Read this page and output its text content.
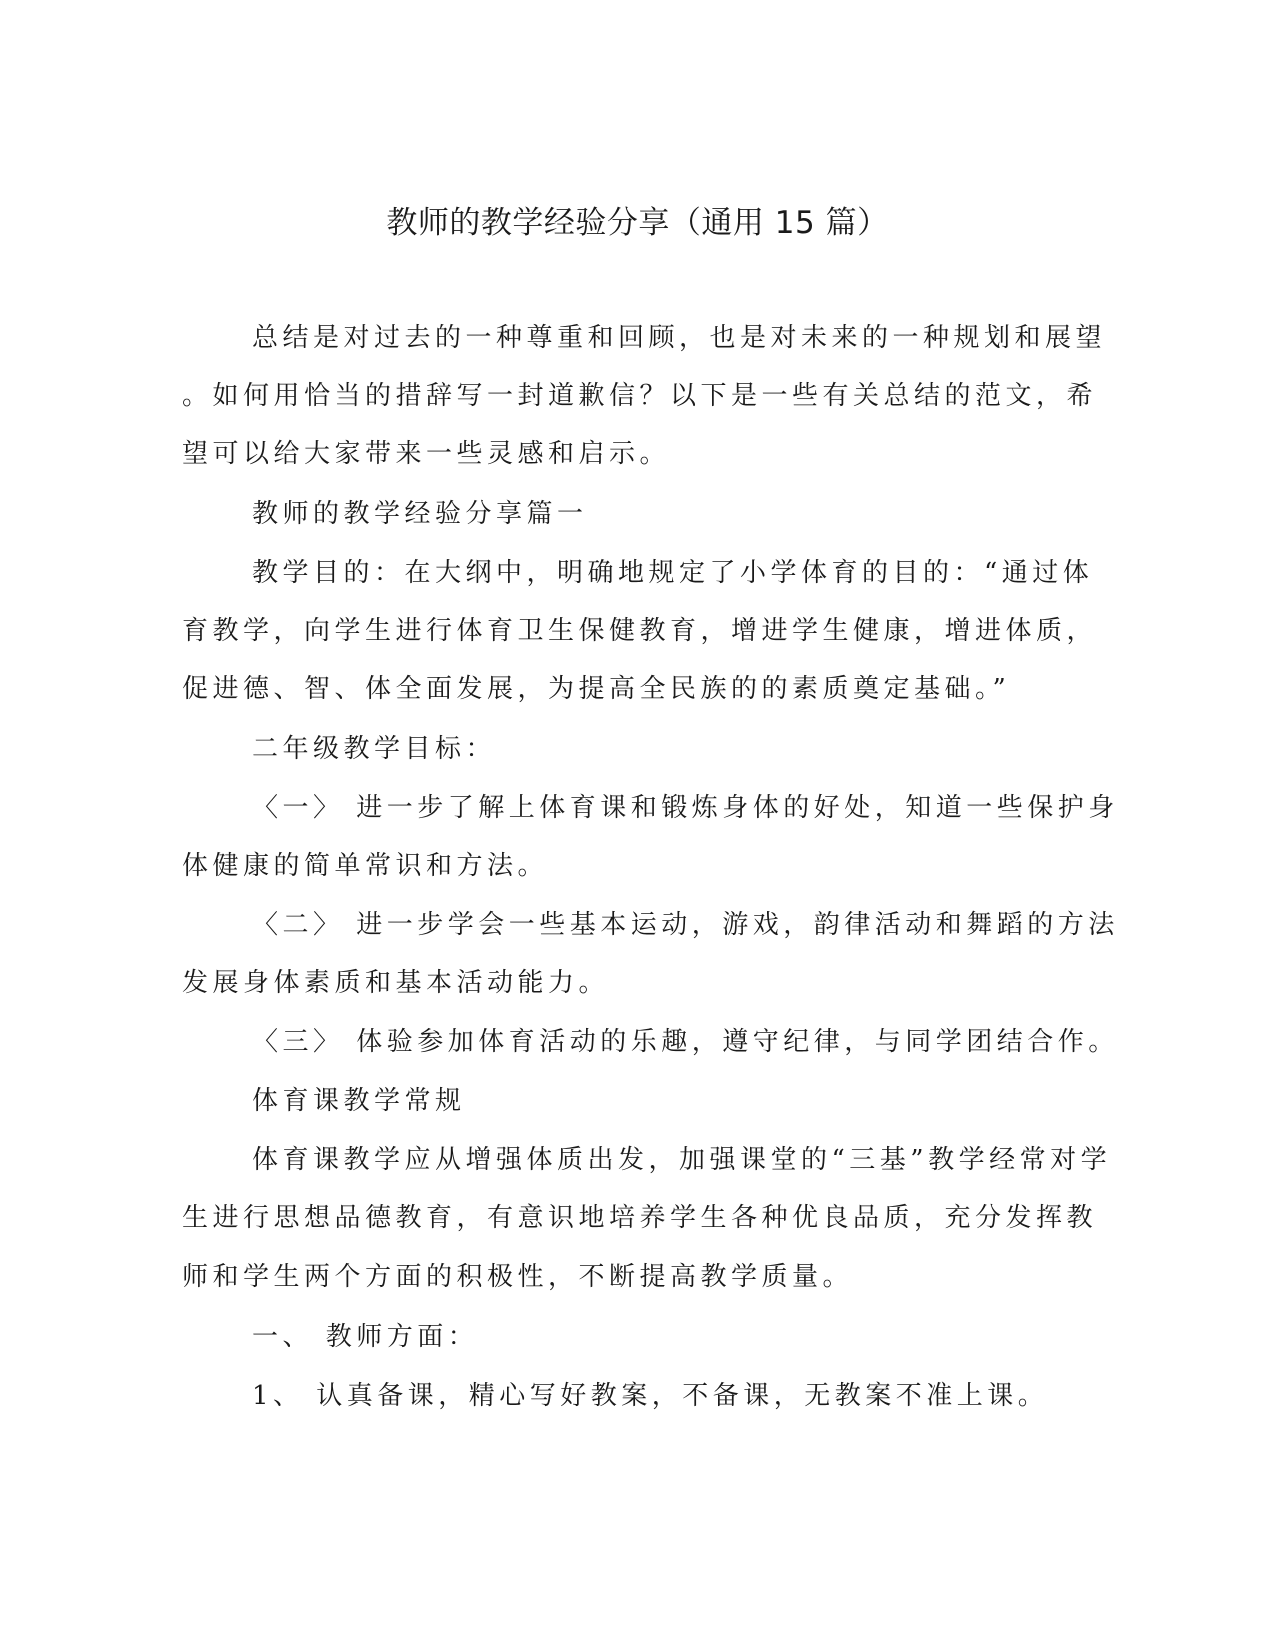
教师的教学经验分享（通用 15 篇）
总结是对过去的一种尊重和回顾，也是对未来的一种规划和展望
。如何用恰当的措辞写一封道歉信？以下是一些有关总结的范文，希
望可以给大家带来一些灵感和启示。
教师的教学经验分享篇一
教学目的：在大纲中，明确地规定了小学体育的目的：“通过体
育教学，向学生进行体育卫生保健教育，增进学生健康，增进体质，
促进德、智、体全面发展，为提高全民族的的素质奠定基础。”
二年级教学目标：
〈一〉 进一步了解上体育课和锻炼身体的好处，知道一些保护身
体健康的简单常识和方法。
〈二〉 进一步学会一些基本运动，游戏，韵律活动和舞蹈的方法
发展身体素质和基本活动能力。
〈三〉 体验参加体育活动的乐趣，遵守纪律，与同学团结合作。
体育课教学常规
体育课教学应从增强体质出发，加强课堂的“三基”教学经常对学
生进行思想品德教育，有意识地培养学生各种优良品质，充分发挥教
师和学生两个方面的积极性，不断提高教学质量。
一、 教师方面：
1、 认真备课，精心写好教案，不备课，无教案不准上课。
